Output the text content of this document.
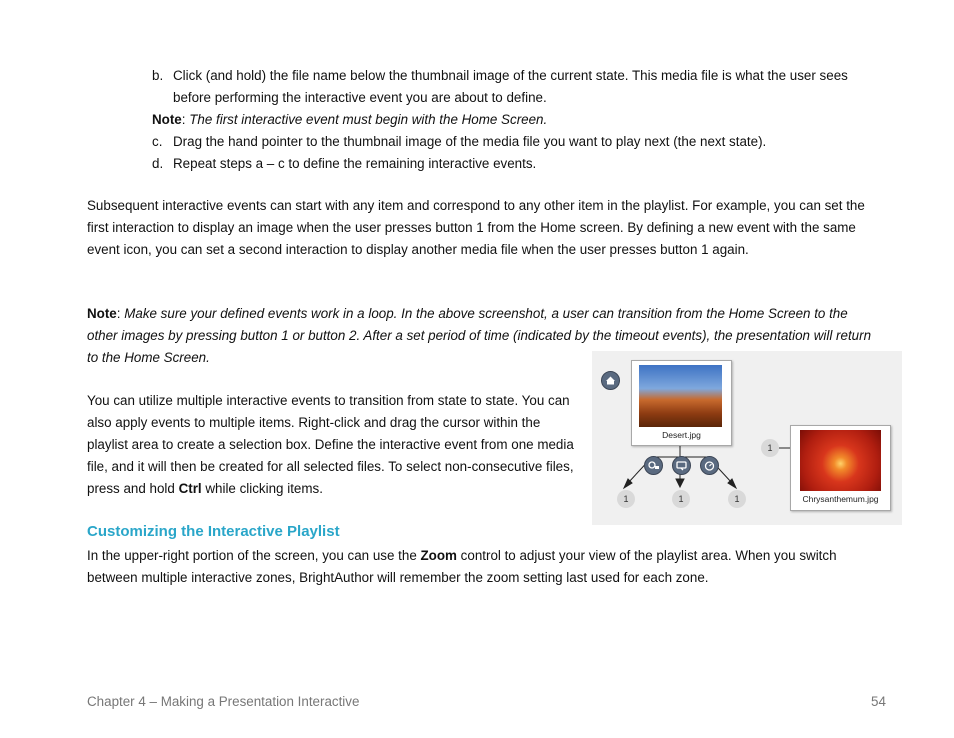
b. Click (and hold) the file name below the thumbnail image of the current state. This media file is what the user sees before performing the interactive event you are about to define.
Note: The first interactive event must begin with the Home Screen.
c. Drag the hand pointer to the thumbnail image of the media file you want to play next (the next state).
d. Repeat steps a – c to define the remaining interactive events.

Subsequent interactive events can start with any item and correspond to any other item in the playlist. For example, you can set the first interaction to display an image when the user presses button 1 from the Home screen. By defining a new event with the same event icon, you can set a second interaction to display another media file when the user presses button 1 again.

Note: Make sure your defined events work in a loop. In the above screenshot, a user can transition from the Home Screen to the other images by pressing button 1 or button 2. After a set period of time (indicated by the timeout events), the presentation will return to the Home Screen.

You can utilize multiple interactive events to transition from state to state. You can also apply events to multiple items. Right-click and drag the cursor within the playlist area to create a selection box. Define the interactive event from one media file, and it will then be created for all selected files. To select non-consecutive files, press and hold Ctrl while clicking items.

Customizing the Interactive Playlist

In the upper-right portion of the screen, you can use the Zoom control to adjust your view of the playlist area. When you switch between multiple interactive zones, BrightAuthor will remember the zoom setting last used for each zone.

Desert.jpg
1	1	1
1
Chrysanthemum.jpg
Chapter 4 – Making a Presentation Interactive	54
